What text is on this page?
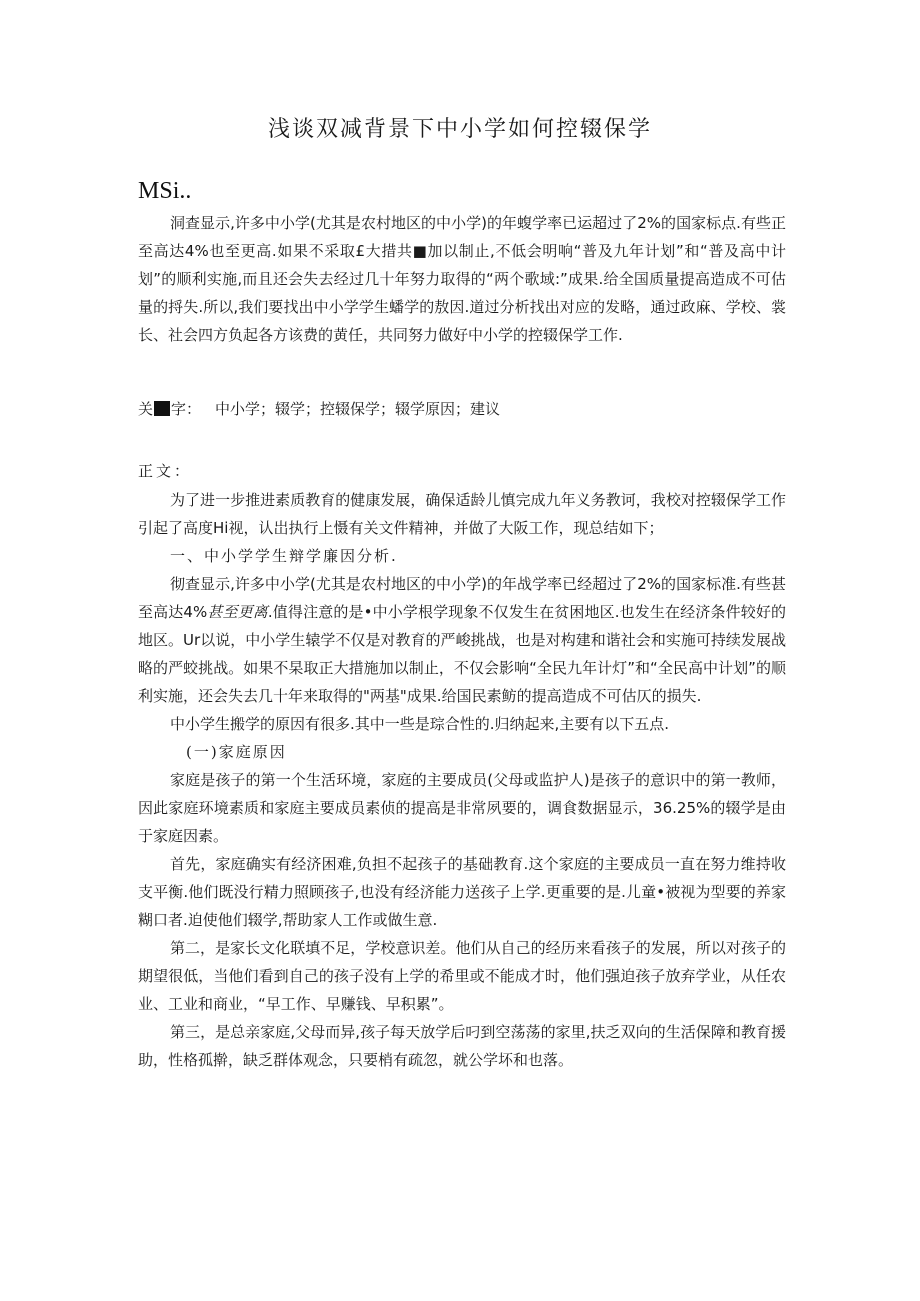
浅谈双减背景下中小学如何控辍保学
MSi..

洞查显示,许多中小学(尤其是农村地区的中小学)的年蝮学率已运超过了2%的国家标点.有些正至高达4%也至更高.如果不采取£大措共■加以制止,不低会明响“普及九年计划”和“普及高中计划”的顺利实施,而且还会失去经过几十年努力取得的“两个歌域:”成果.给全国质量提高造成不可估量的捋失.所以,我们要找出中小学学生蟠学的敖因.道过分析找出对应的发略，通过政麻、学校、裳长、社会四方负起各方该费的黄任，共同努力做好中小学的控辍保学工作.

关 字： 中小学；辍学；控辍保学；辍学原因；建议
正文：

为了进一步推进素质教育的健康发展，确保适龄儿慎完成九年义务教诃，我校对控辍保学工作引起了高度Hi视，认岀执行上慑有关文件精神，并做了大阪工作，现总结如下；

一、中小学学生辩学廉因分析.

彻查显示,许多中小学(尤其是农村地区的中小学)的年战学率已经超过了2%的国家标准.有些甚至高达4%甚至更离.值得注意的是•中小学根学现象不仅发生在贫困地区.也发生在经济条件较好的地区。Ur以说，中小学生辕学不仅是对教育的严峻挑战，也是对构建和谐社会和实施可持续发展战略的严蛟挑战。如果不杲取正大措施加以制止，不仅会影响“全民九年计灯”和“全民高中计划”的顺利实施，还会失去几十年来取得的"两基"成果.给国民素鲂的提高造成不可估仄的损失.

中小学生搬学的原因有很多.其中一些是琮合性的.归纳起来,主要有以下五点.

(一)家庭原因

家庭是孩子的第一个生活环境，家庭的主要成员(父母或监护人)是孩子的意识中的第一教师，因此家庭环境素质和家庭主要成员素侦的提高是非常夙要的，调食数据显示，36.25%的辍学是由于家庭因素。

首先，家庭确实有经济困难,负担不起孩子的基础教育.这个家庭的主要成员一直在努力维持收支平衡.他们既没行精力照顾孩子,也没有经济能力送孩子上学.更重要的是.儿童•被视为型要的养家糊口者.迫使他们辍学,帮助家人工作或做生意.

第二，是家长文化联填不足，学校意识差。他们从自己的经历来看孩子的发展，所以对孩子的期望很低，当他们看到自己的孩子没有上学的希里或不能成才时，他们强迫孩子放弃学业，从任农业、工业和商业，“早工作、早赚钱、早积累”。

第三，是总亲家庭,父母而异,孩子每天放学后叼到空荡荡的家里,扶乏双向的生活保障和教育援助，性格孤擀，缺乏群体观念，只要梢有疏忽，就公学坏和也落。
